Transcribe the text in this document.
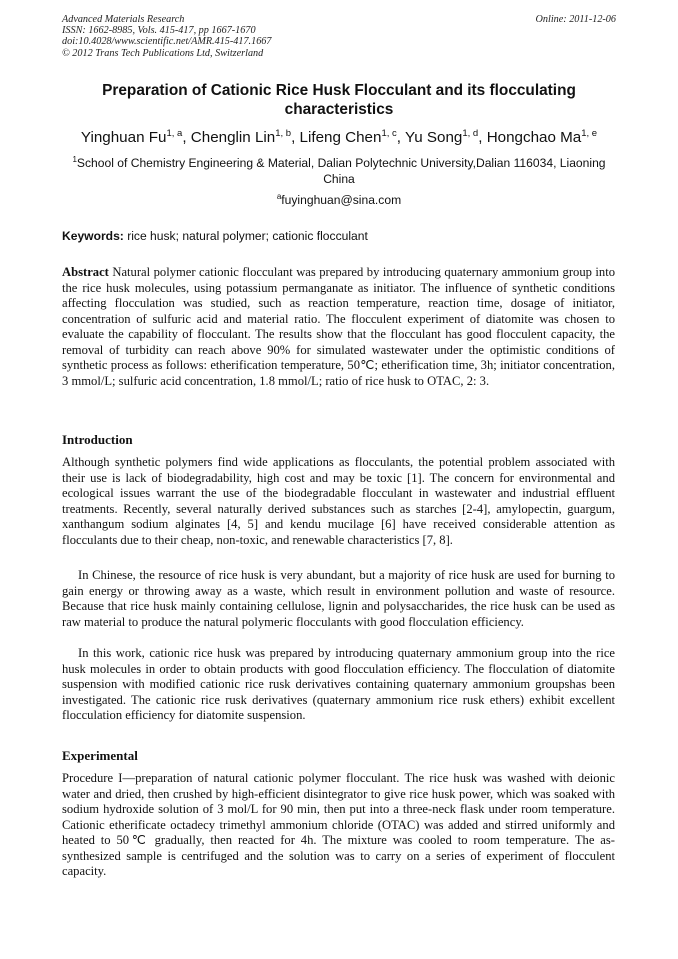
Advanced Materials Research
ISSN: 1662-8985, Vols. 415-417, pp 1667-1670
doi:10.4028/www.scientific.net/AMR.415-417.1667
© 2012 Trans Tech Publications Ltd, Switzerland
Online: 2011-12-06
Preparation of Cationic Rice Husk Flocculant and its flocculating characteristics
Yinghuan Fu$^{1, a}$, Chenglin Lin$^{1, b}$, Lifeng Chen$^{1, c}$, Yu Song$^{1, d}$, Hongchao Ma$^{1, e}$
$^1$School of Chemistry Engineering & Material, Dalian Polytechnic University,Dalian 116034, Liaoning China
$^a$fuyinghuan@sina.com
Keywords: rice husk; natural polymer; cationic flocculant
Abstract Natural polymer cationic flocculant was prepared by introducing quaternary ammonium group into the rice husk molecules, using potassium permanganate as initiator. The influence of synthetic conditions affecting flocculation was studied, such as reaction temperature, reaction time, dosage of initiator, concentration of sulfuric acid and material ratio. The flocculent experiment of diatomite was chosen to evaluate the capability of flocculant. The results show that the flocculant has good flocculent capacity, the removal of turbidity can reach above 90% for simulated wastewater under the optimistic conditions of synthetic process as follows: etherification temperature, 50℃; etherification time, 3h; initiator concentration, 3 mmol/L; sulfuric acid concentration, 1.8 mmol/L; ratio of rice husk to OTAC, 2: 3.
Introduction
Although synthetic polymers find wide applications as flocculants, the potential problem associated with their use is lack of biodegradability, high cost and may be toxic [1]. The concern for environmental and ecological issues warrant the use of the biodegradable flocculant in wastewater and industrial effluent treatments. Recently, several naturally derived substances such as starches [2-4], amylopectin, guargum, xanthangum sodium alginates [4, 5] and kendu mucilage [6] have received considerable attention as flocculants due to their cheap, non-toxic, and renewable characteristics [7, 8].
In Chinese, the resource of rice husk is very abundant, but a majority of rice husk are used for burning to gain energy or throwing away as a waste, which result in environment pollution and waste of resource. Because that rice husk mainly containing cellulose, lignin and polysaccharides, the rice husk can be used as raw material to produce the natural polymeric flocculants with good flocculation efficiency.
In this work, cationic rice husk was prepared by introducing quaternary ammonium group into the rice husk molecules in order to obtain products with good flocculation efficiency. The flocculation of diatomite suspension with modified cationic rice rusk derivatives containing quaternary ammonium groupshas been investigated. The cationic rice rusk derivatives (quaternary ammonium rice rusk ethers) exhibit excellent flocculation efficiency for diatomite suspension.
Experimental
Procedure I—preparation of natural cationic polymer flocculant. The rice husk was washed with deionic water and dried, then crushed by high-efficient disintegrator to give rice husk power, which was soaked with sodium hydroxide solution of 3 mol/L for 90 min, then put into a three-neck flask under room temperature. Cationic etherificate octadecy trimethyl ammonium chloride (OTAC) was added and stirred uniformly and heated to 50℃ gradually, then reacted for 4h. The mixture was cooled to room temperature. The as-synthesized sample is centrifuged and the solution was to carry on a series of experiment of flocculent capacity.
